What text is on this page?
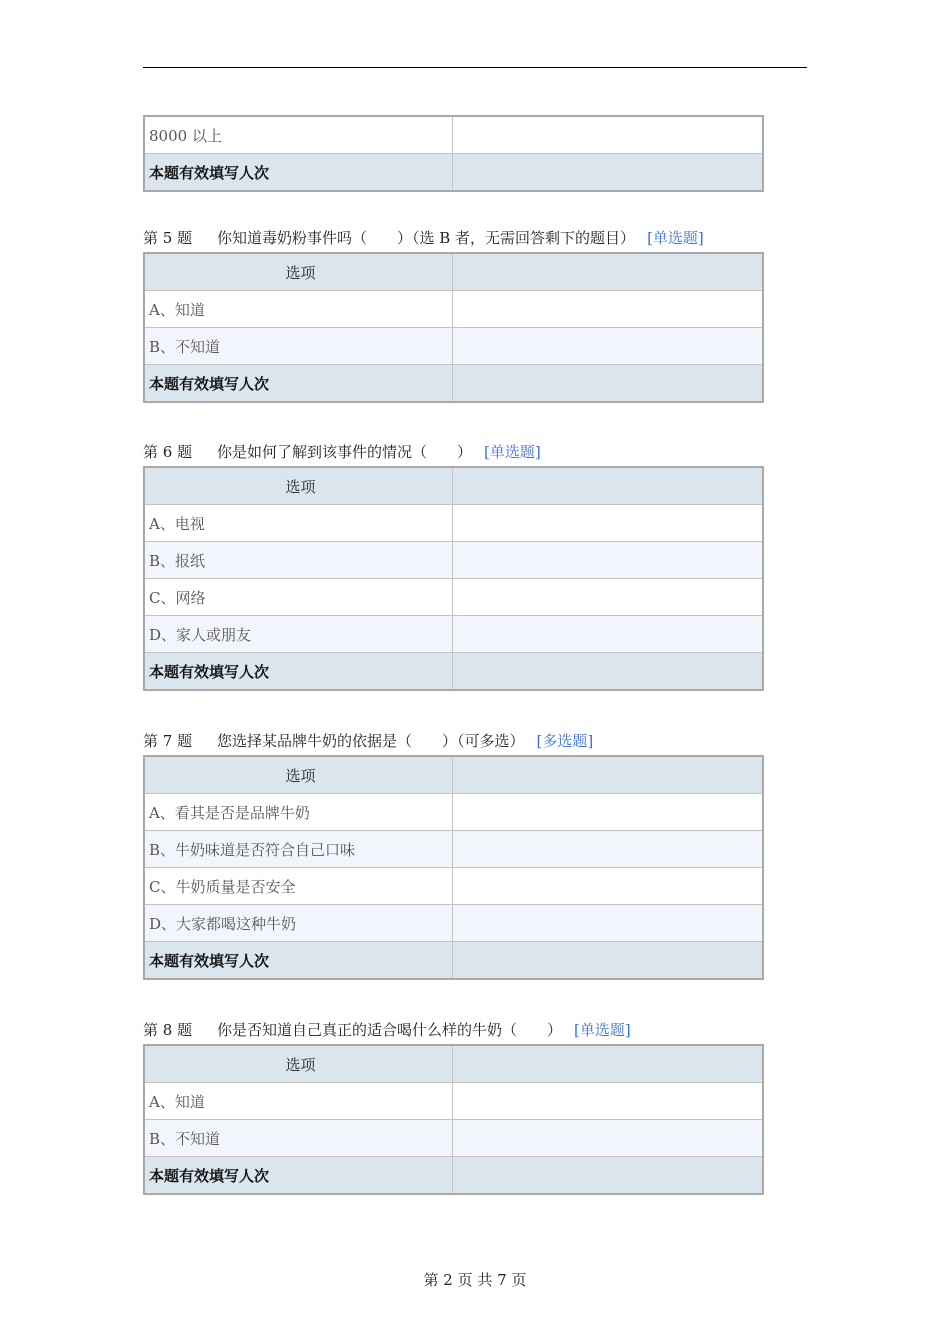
8000 以上	
本题有效填写人次	
第 5 题 你知道毒奶粉事件吗（　　）（选 B 者，无需回答剩下的题目） [单选题]
选项	
A、知道	
B、不知道	
本题有效填写人次	
第 6 题 你是如何了解到该事件的情况（　　） [单选题]
选项	
A、电视	
B、报纸	
C、网络	
D、家人或朋友	
本题有效填写人次	
第 7 题 您选择某品牌牛奶的依据是（　　）（可多选） [多选题]
选项	
A、看其是否是品牌牛奶	
B、牛奶味道是否符合自己口味	
C、牛奶质量是否安全	
D、大家都喝这种牛奶	
本题有效填写人次	
第 8 题 你是否知道自己真正的适合喝什么样的牛奶（　　） [单选题]
选项	
A、知道	
B、不知道	
本题有效填写人次	
第 2 页 共 7 页
